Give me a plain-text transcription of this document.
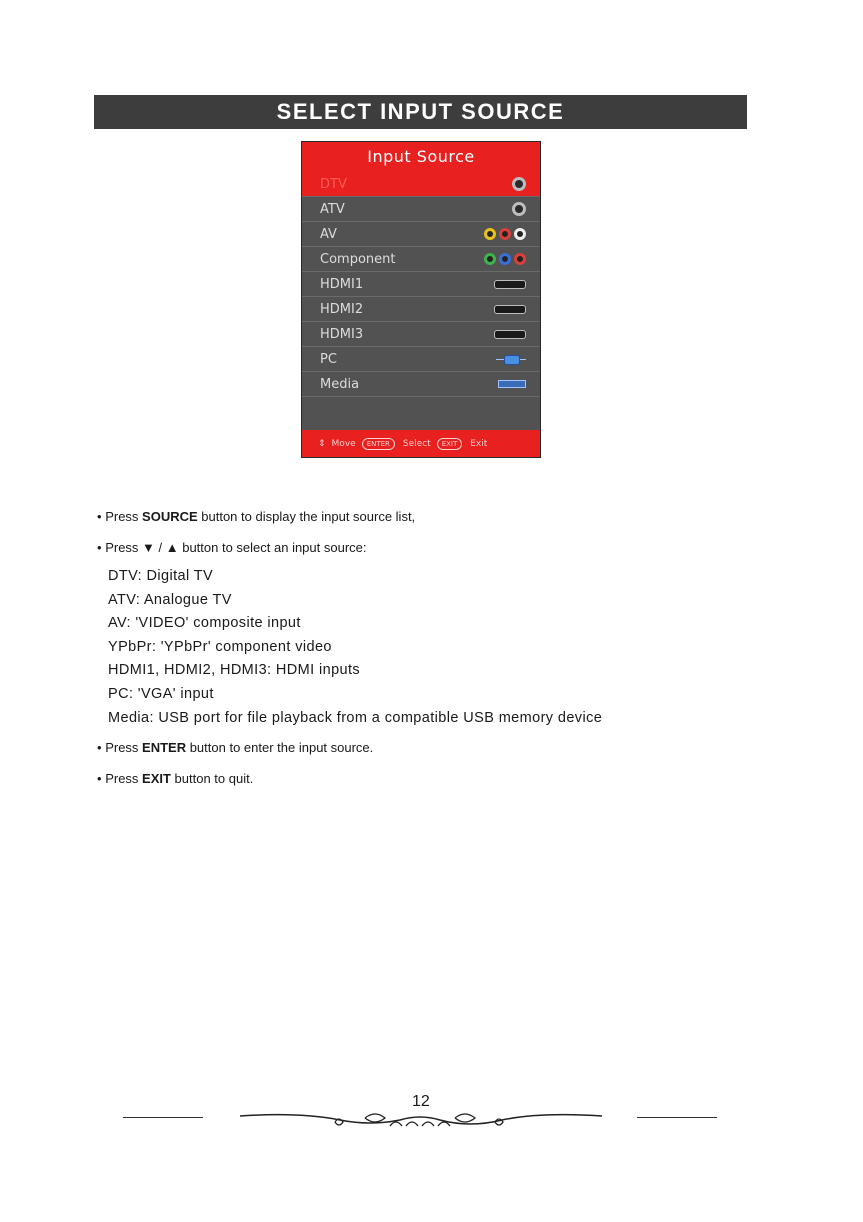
SELECT INPUT SOURCE
Input Source
DTV
ATV
AV
Component
HDMI1
HDMI2
HDMI3
PC
Media
⇕ Move	ENTER	Select	EXIT	Exit
• Press SOURCE button to display the input source list,
• Press ▼ / ▲ button to select an input source:
DTV: Digital TV
ATV: Analogue TV
AV: 'VIDEO' composite input
YPbPr: 'YPbPr' component video
HDMI1, HDMI2, HDMI3: HDMI inputs
PC: 'VGA' input
Media: USB port for file playback from a compatible USB memory device
• Press ENTER button to enter the input source.
• Press EXIT button to quit.
12
